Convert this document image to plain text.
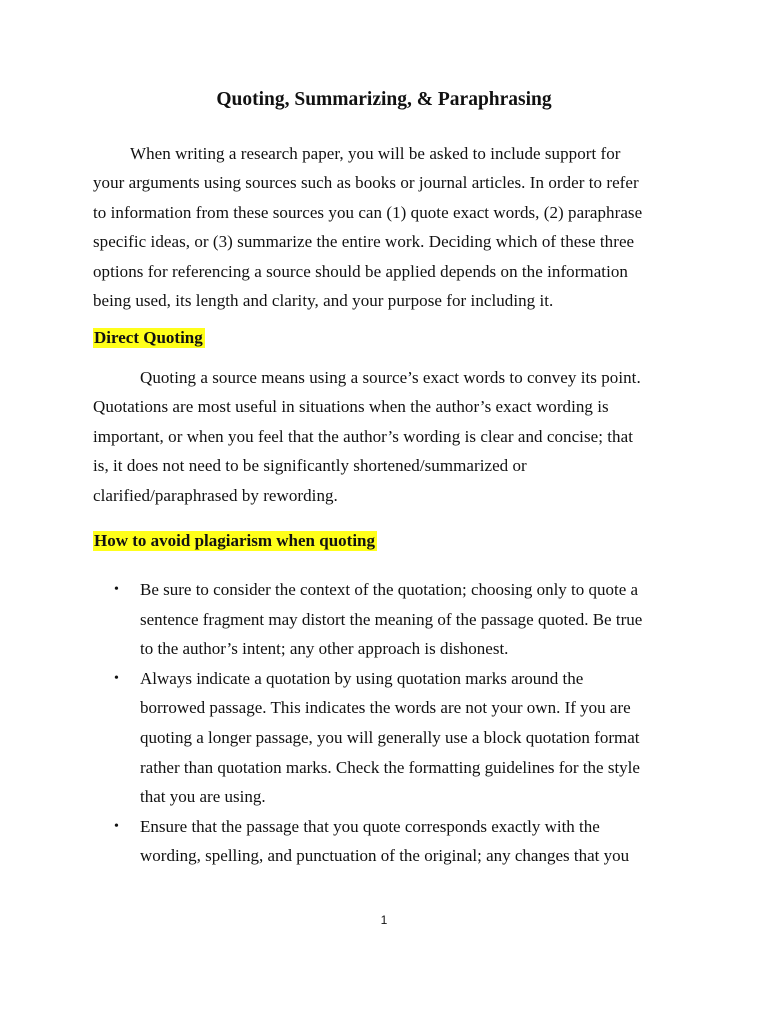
Quoting, Summarizing, & Paraphrasing

When writing a research paper, you will be asked to include support for
your arguments using sources such as books or journal articles. In order to refer
to information from these sources you can (1) quote exact words, (2) paraphrase
specific ideas, or (3) summarize the entire work. Deciding which of these three
options for referencing a source should be applied depends on the information
being used, its length and clarity, and your purpose for including it.

Direct Quoting

Quoting a source means using a source’s exact words to convey its point.
Quotations are most useful in situations when the author’s exact wording is
important, or when you feel that the author’s wording is clear and concise; that
is, it does not need to be significantly shortened/summarized or
clarified/paraphrased by rewording.

How to avoid plagiarism when quoting
• Be sure to consider the context of the quotation; choosing only to quote a
sentence fragment may distort the meaning of the passage quoted. Be true
to the author’s intent; any other approach is dishonest.
• Always indicate a quotation by using quotation marks around the
borrowed passage. This indicates the words are not your own. If you are
quoting a longer passage, you will generally use a block quotation format
rather than quotation marks. Check the formatting guidelines for the style
that you are using.
• Ensure that the passage that you quote corresponds exactly with the
wording, spelling, and punctuation of the original; any changes that you

1
